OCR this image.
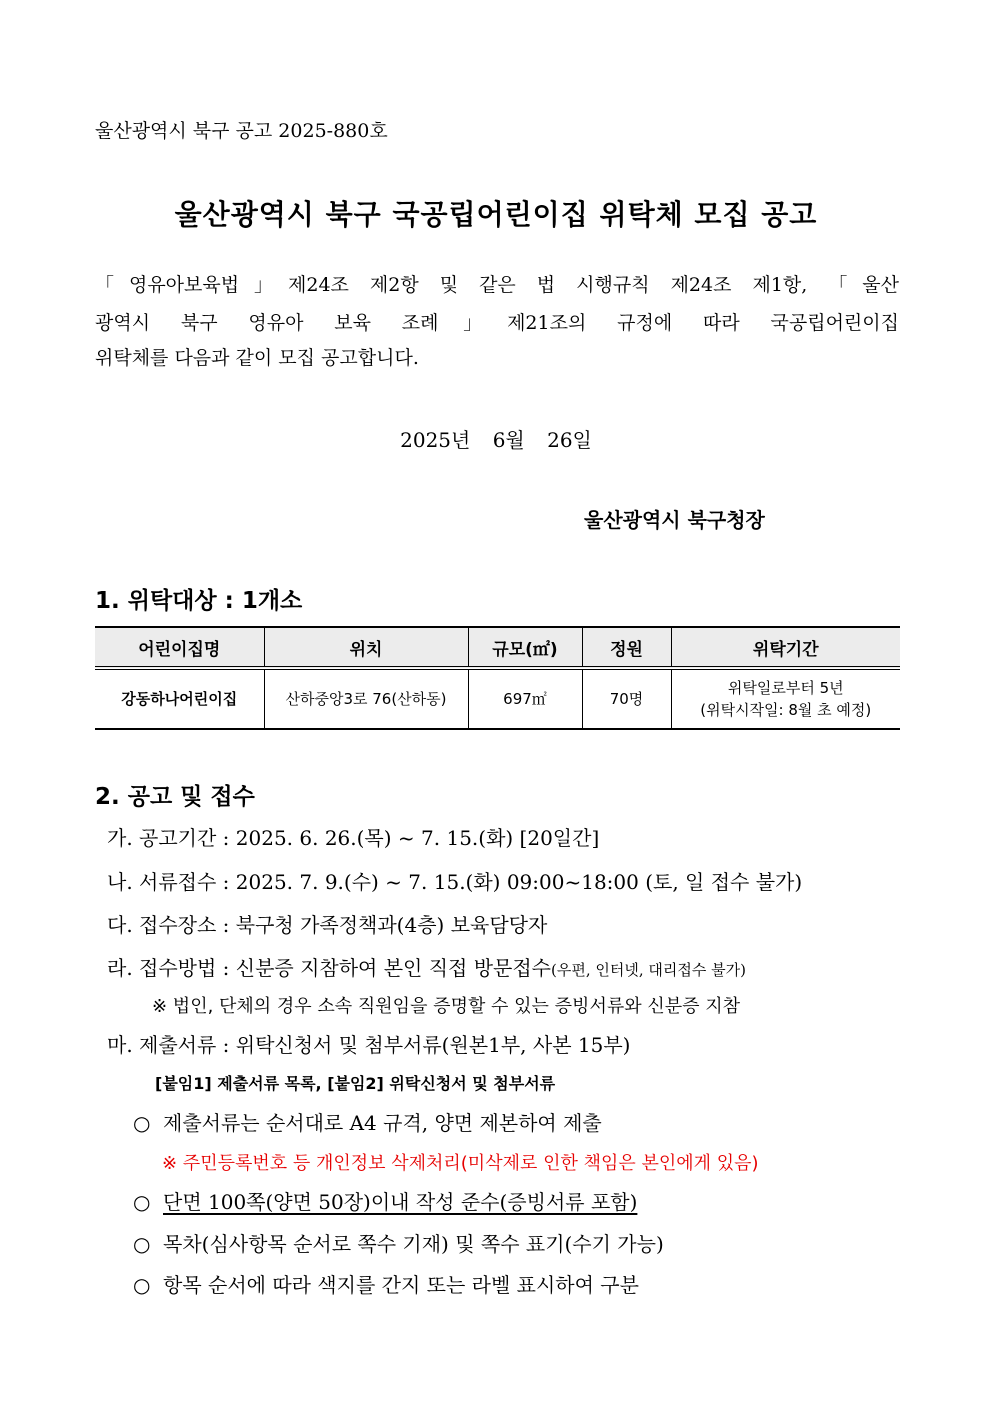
울산광역시 북구 공고 2025-880호
울산광역시 북구 국공립어린이집 위탁체 모집 공고
「영유아보육법」제24조 제2항 및 같은 법 시행규칙 제24조 제1항, 「울산
광역시 북구 영유아 보육 조례」제21조의 규정에 따라 국공립어린이집
위탁체를 다음과 같이 모집 공고합니다.
2025년 6월 26일
울산광역시 북구청장
1. 위탁대상 : 1개소
어린이집명	위치	규모(㎡)	정원	위탁기간
강동하나어린이집	산하중앙3로 76(산하동)	697㎡	70명	위탁일로부터 5년
(위탁시작일: 8월 초 예정)
2. 공고 및 접수
가. 공고기간 : 2025. 6. 26.(목) ~ 7. 15.(화) [20일간]
나. 서류접수 : 2025. 7. 9.(수) ~ 7. 15.(화) 09:00~18:00 (토, 일 접수 불가)
다. 접수장소 : 북구청 가족정책과(4층) 보육담당자
라. 접수방법 : 신분증 지참하여 본인 직접 방문접수(우편, 인터넷, 대리접수 불가)
※ 법인, 단체의 경우 소속 직원임을 증명할 수 있는 증빙서류와 신분증 지참
마. 제출서류 : 위탁신청서 및 첨부서류(원본1부, 사본 15부)
[붙임1] 제출서류 목록, [붙임2] 위탁신청서 및 첨부서류
○ 제출서류는 순서대로 A4 규격, 양면 제본하여 제출
※ 주민등록번호 등 개인정보 삭제처리(미삭제로 인한 책임은 본인에게 있음)
○ 단면 100쪽(양면 50장)이내 작성 준수(증빙서류 포함)
○ 목차(심사항목 순서로 쪽수 기재) 및 쪽수 표기(수기 가능)
○ 항목 순서에 따라 색지를 간지 또는 라벨 표시하여 구분
